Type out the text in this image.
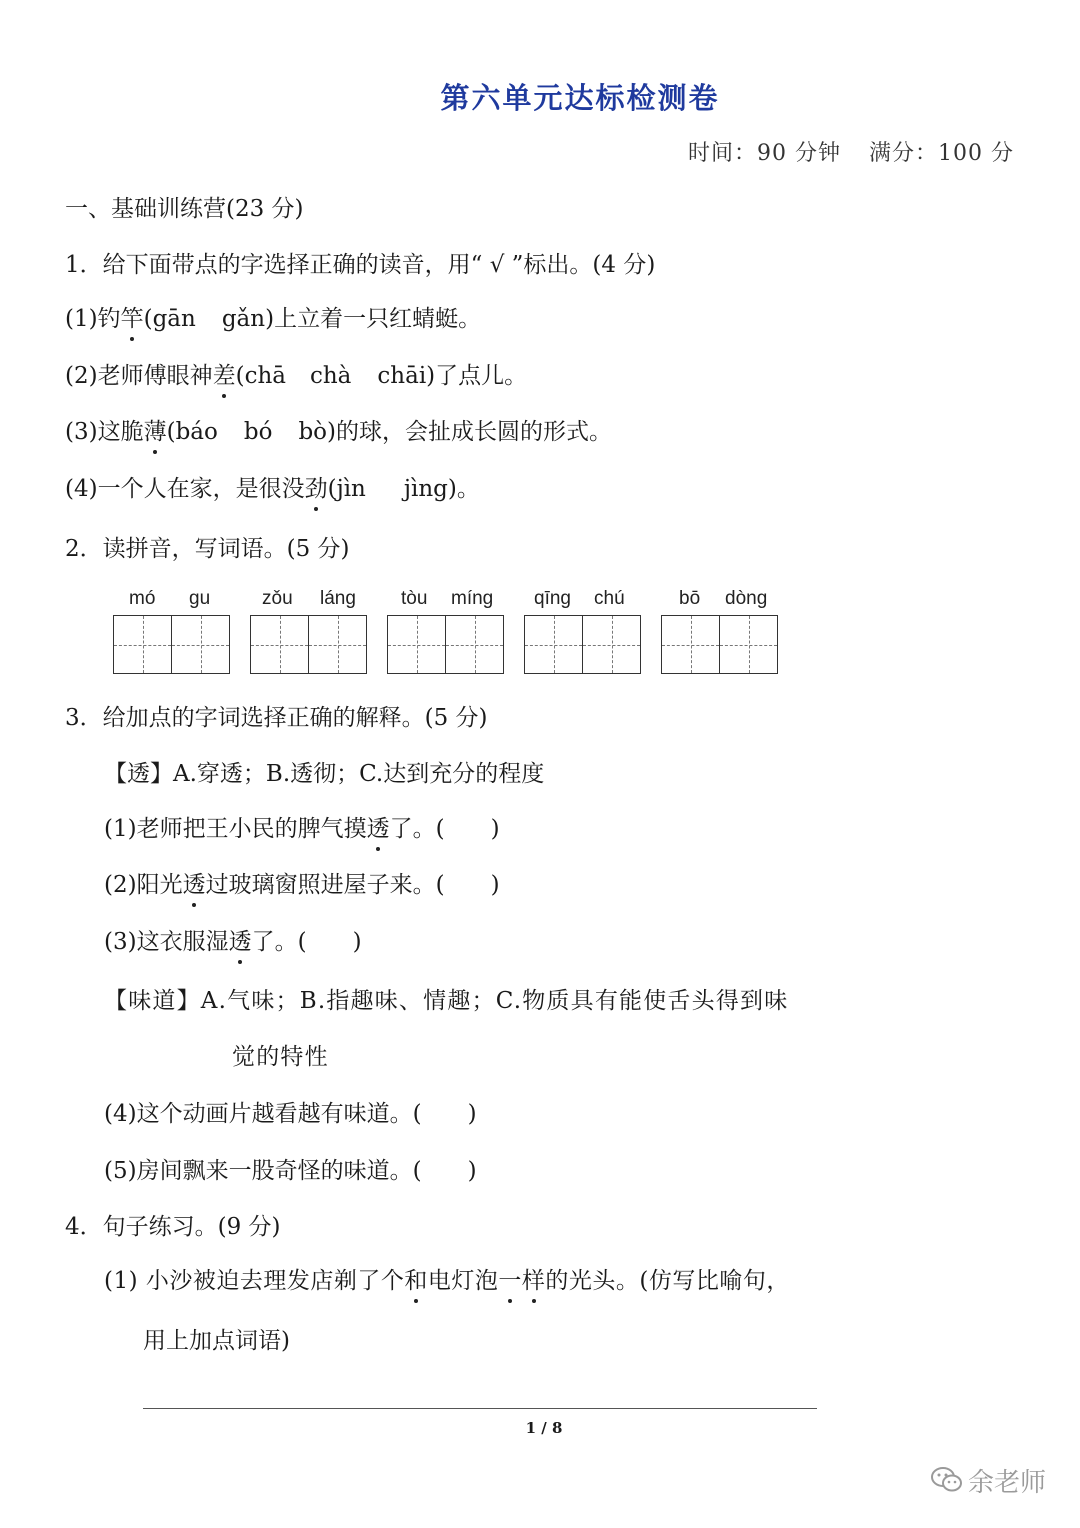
第六单元达标检测卷
时间：90 分钟 满分：100 分
一、基础训练营(23 分)
1．给下面带点的字选择正确的读音，用“ √ ”标出。(4 分)
(1)钓竿(gān gǎn)上立着一只红蜻蜓。
(2)老师傅眼神差(chā chà chāi)了点儿。
(3)这脆薄(báo bó bò)的球，会扯成长圆的形式。
(4)一个人在家，是很没劲(jìn jìng)。
2．读拼音，写词语。(5 分)
mó gu	zǒu láng tòu míng qīng chú	bō dòng
3．给加点的字词选择正确的解释。(5 分)
【透】A.穿透；B.透彻；C.达到充分的程度
(1)老师把王小民的脾气摸透了。( )
(2)阳光透过玻璃窗照进屋子来。( )
(3)这衣服湿透了。( )
【味道】A.气味；B.指趣味、情趣；C.物质具有能使舌头得到味
觉的特性
(4)这个动画片越看越有味道。( )
(5)房间飘来一股奇怪的味道。( )
4．句子练习。(9 分)
(1) 小沙被迫去理发店剃了个和电灯泡一样的光头。(仿写比喻句，
用上加点词语)
1 / 8
余老师
